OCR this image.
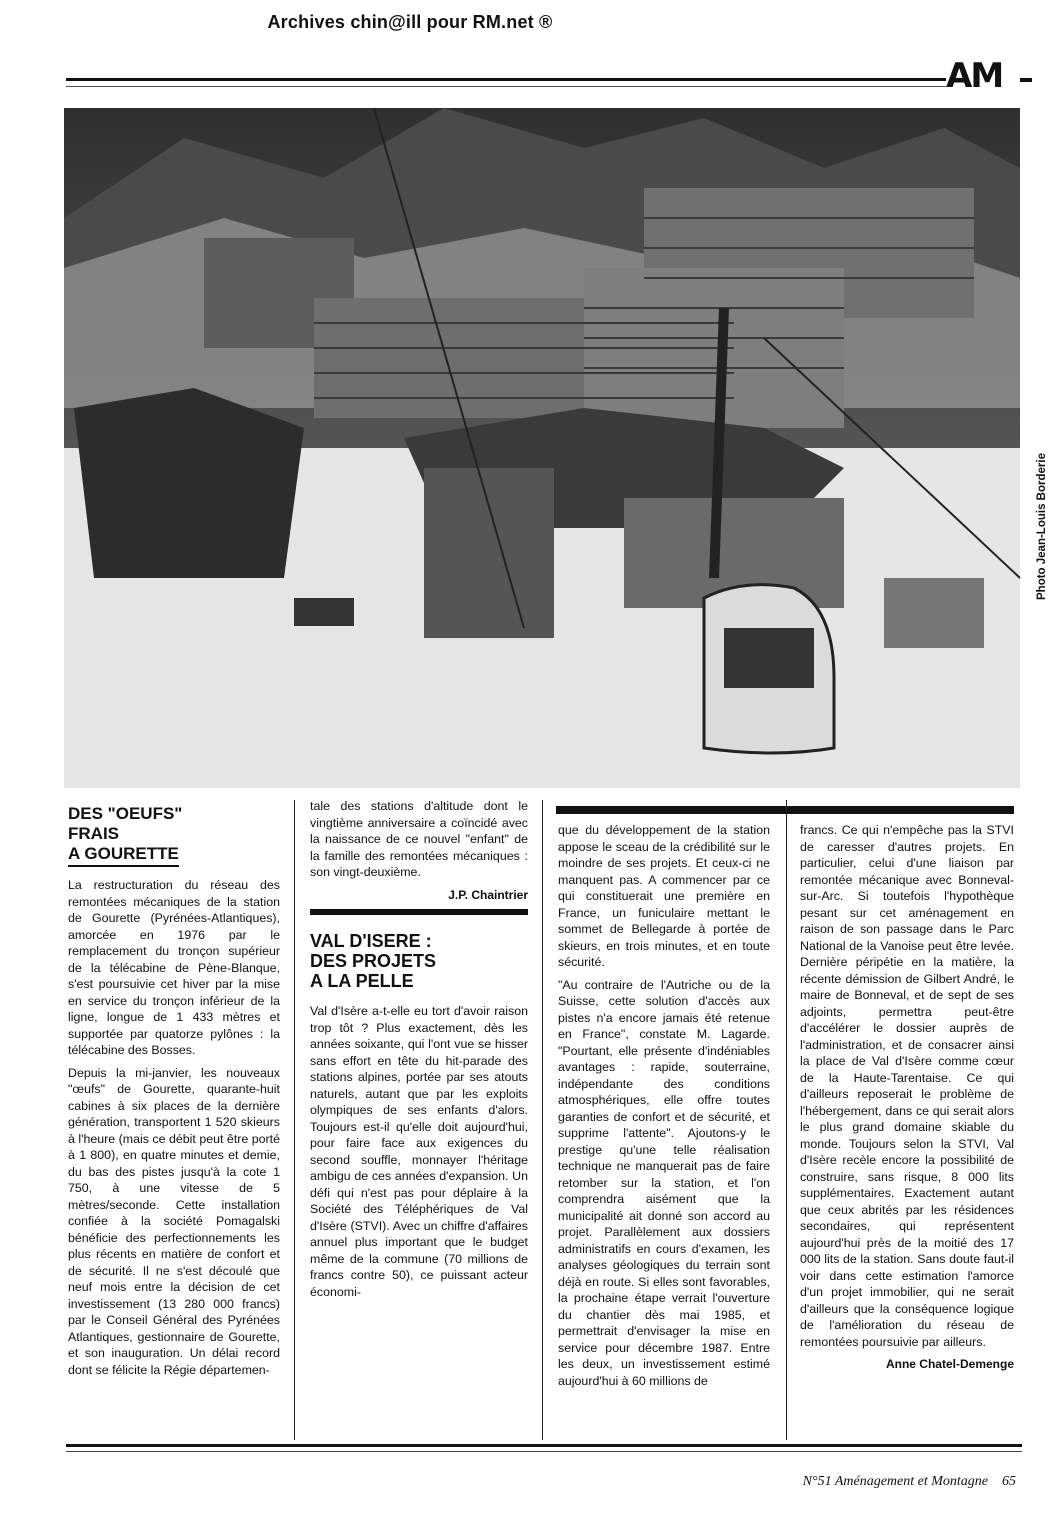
Archives chin@ill pour RM.net ®
AM
Photo Jean-Louis Borderie
DES "OEUFS"
FRAIS
A GOURETTE

La restructuration du réseau des remontées mécaniques de la station de Gourette (Pyrénées-Atlantiques), amorcée en 1976 par le remplacement du tronçon supérieur de la télécabine de Pène-Blanque, s'est poursuivie cet hiver par la mise en service du tronçon inférieur de la ligne, longue de 1 433 mètres et supportée par quatorze pylônes : la télécabine des Bosses.

Depuis la mi-janvier, les nouveaux "œufs" de Gourette, quarante-huit cabines à six places de la dernière génération, transportent 1 520 skieurs à l'heure (mais ce débit peut être porté à 1 800), en quatre minutes et demie, du bas des pistes jusqu'à la cote 1 750, à une vitesse de 5 mètres/seconde. Cette installation confiée à la société Pomagalski bénéficie des perfectionnements les plus récents en matière de confort et de sécurité. Il ne s'est découlé que neuf mois entre la décision de cet investissement (13 280 000 francs) par le Conseil Général des Pyrénées Atlantiques, gestionnaire de Gourette, et son inauguration. Un délai record dont se félicite la Régie départemen-

tale des stations d'altitude dont le vingtième anniversaire a coïncidé avec la naissance de ce nouvel "enfant" de la famille des remontées mécaniques : son vingt-deuxième.

J.P. Chaintrier
VAL D'ISERE :
DES PROJETS
A LA PELLE

Val d'Isère a-t-elle eu tort d'avoir raison trop tôt ? Plus exactement, dès les années soixante, qui l'ont vue se hisser sans effort en tête du hit-parade des stations alpines, portée par ses atouts naturels, autant que par les exploits olympiques de ses enfants d'alors. Toujours est-il qu'elle doit aujourd'hui, pour faire face aux exigences du second souffle, monnayer l'héritage ambigu de ces années d'expansion. Un défi qui n'est pas pour déplaire à la Société des Téléphériques de Val d'Isère (STVI). Avec un chiffre d'affaires annuel plus important que le budget même de la commune (70 millions de francs contre 50), ce puissant acteur économi-

que du développement de la station appose le sceau de la crédibilité sur le moindre de ses projets. Et ceux-ci ne manquent pas. A commencer par ce qui constituerait une première en France, un funiculaire mettant le sommet de Bellegarde à portée de skieurs, en trois minutes, et en toute sécurité.

"Au contraire de l'Autriche ou de la Suisse, cette solution d'accès aux pistes n'a encore jamais été retenue en France", constate M. Lagarde. "Pourtant, elle présente d'indéniables avantages : rapide, souterraine, indépendante des conditions atmosphériques, elle offre toutes garanties de confort et de sécurité, et supprime l'attente". Ajoutons-y le prestige qu'une telle réalisation technique ne manquerait pas de faire retomber sur la station, et l'on comprendra aisément que la municipalité ait donné son accord au projet. Parallèlement aux dossiers administratifs en cours d'examen, les analyses géologiques du terrain sont déjà en route. Si elles sont favorables, la prochaine étape verrait l'ouverture du chantier dès mai 1985, et permettrait d'envisager la mise en service pour décembre 1987. Entre les deux, un investissement estimé aujourd'hui à 60 millions de

francs. Ce qui n'empêche pas la STVI de caresser d'autres projets. En particulier, celui d'une liaison par remontée mécanique avec Bonneval-sur-Arc. Si toutefois l'hypothèque pesant sur cet aménagement en raison de son passage dans le Parc National de la Vanoise peut être levée. Dernière péripétie en la matière, la récente démission de Gilbert André, le maire de Bonneval, et de sept de ses adjoints, permettra peut-être d'accélérer le dossier auprès de l'administration, et de consacrer ainsi la place de Val d'Isère comme cœur de la Haute-Tarentaise. Ce qui d'ailleurs reposerait le problème de l'hébergement, dans ce qui serait alors le plus grand domaine skiable du monde. Toujours selon la STVI, Val d'Isère recèle encore la possibilité de construire, sans risque, 8 000 lits supplémentaires. Exactement autant que ceux abrités par les résidences secondaires, qui représentent aujourd'hui près de la moitié des 17 000 lits de la station. Sans doute faut-il voir dans cette estimation l'amorce d'un projet immobilier, qui ne serait d'ailleurs que la conséquence logique de l'amélioration du réseau de remontées poursuivie par ailleurs.

Anne Chatel-Demenge
N°51 Aménagement et Montagne 65
